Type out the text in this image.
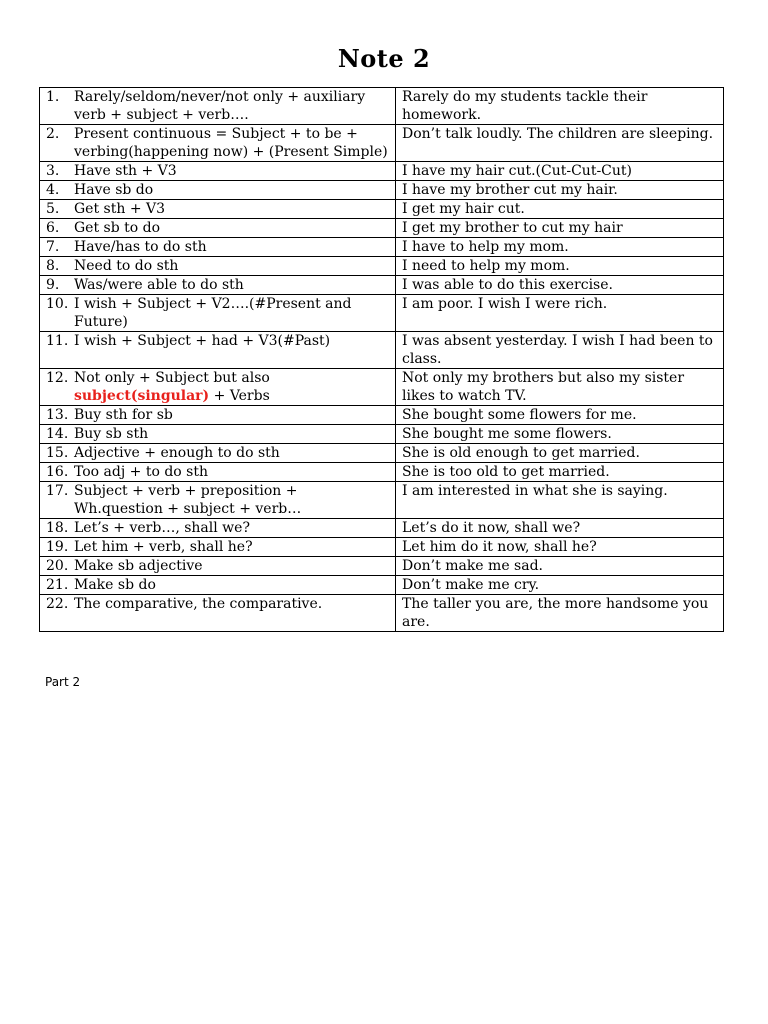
Note 2
1. Rarely/seldom/never/not only + auxiliary verb + subject + verb….	Rarely do my students tackle their homework.

2. Present continuous = Subject + to be + verbing(happening now) + (Present Simple)	Don’t talk loudly. The children are sleeping.

3. Have sth + V3	I have my hair cut.(Cut-Cut-Cut)

4. Have sb do	I have my brother cut my hair.

5. Get sth + V3	I get my hair cut.

6. Get sb to do	I get my brother to cut my hair

7. Have/has to do sth	I have to help my mom.

8. Need to do sth	I need to help my mom.

9. Was/were able to do sth	I was able to do this exercise.

10. I wish + Subject + V2….(#Present and Future)	I am poor. I wish I were rich.

11. I wish + Subject + had + V3(#Past)	I was absent yesterday. I wish I had been to class.

12. Not only + Subject but also subject(singular) + Verbs	Not only my brothers but also my sister likes to watch TV.

13. Buy sth for sb	She bought some flowers for me.

14. Buy sb sth	She bought me some flowers.

15. Adjective + enough to do sth	She is old enough to get married.

16. Too adj + to do sth	She is too old to get married.

17. Subject + verb + preposition + Wh.question + subject + verb…	I am interested in what she is saying.

18. Let’s + verb…, shall we?	Let’s do it now, shall we?

19. Let him + verb, shall he?	Let him do it now, shall he?

20. Make sb adjective	Don’t make me sad.

21. Make sb do	Don’t make me cry.

22. The comparative, the comparative.	The taller you are, the more handsome you are.
Part 2
